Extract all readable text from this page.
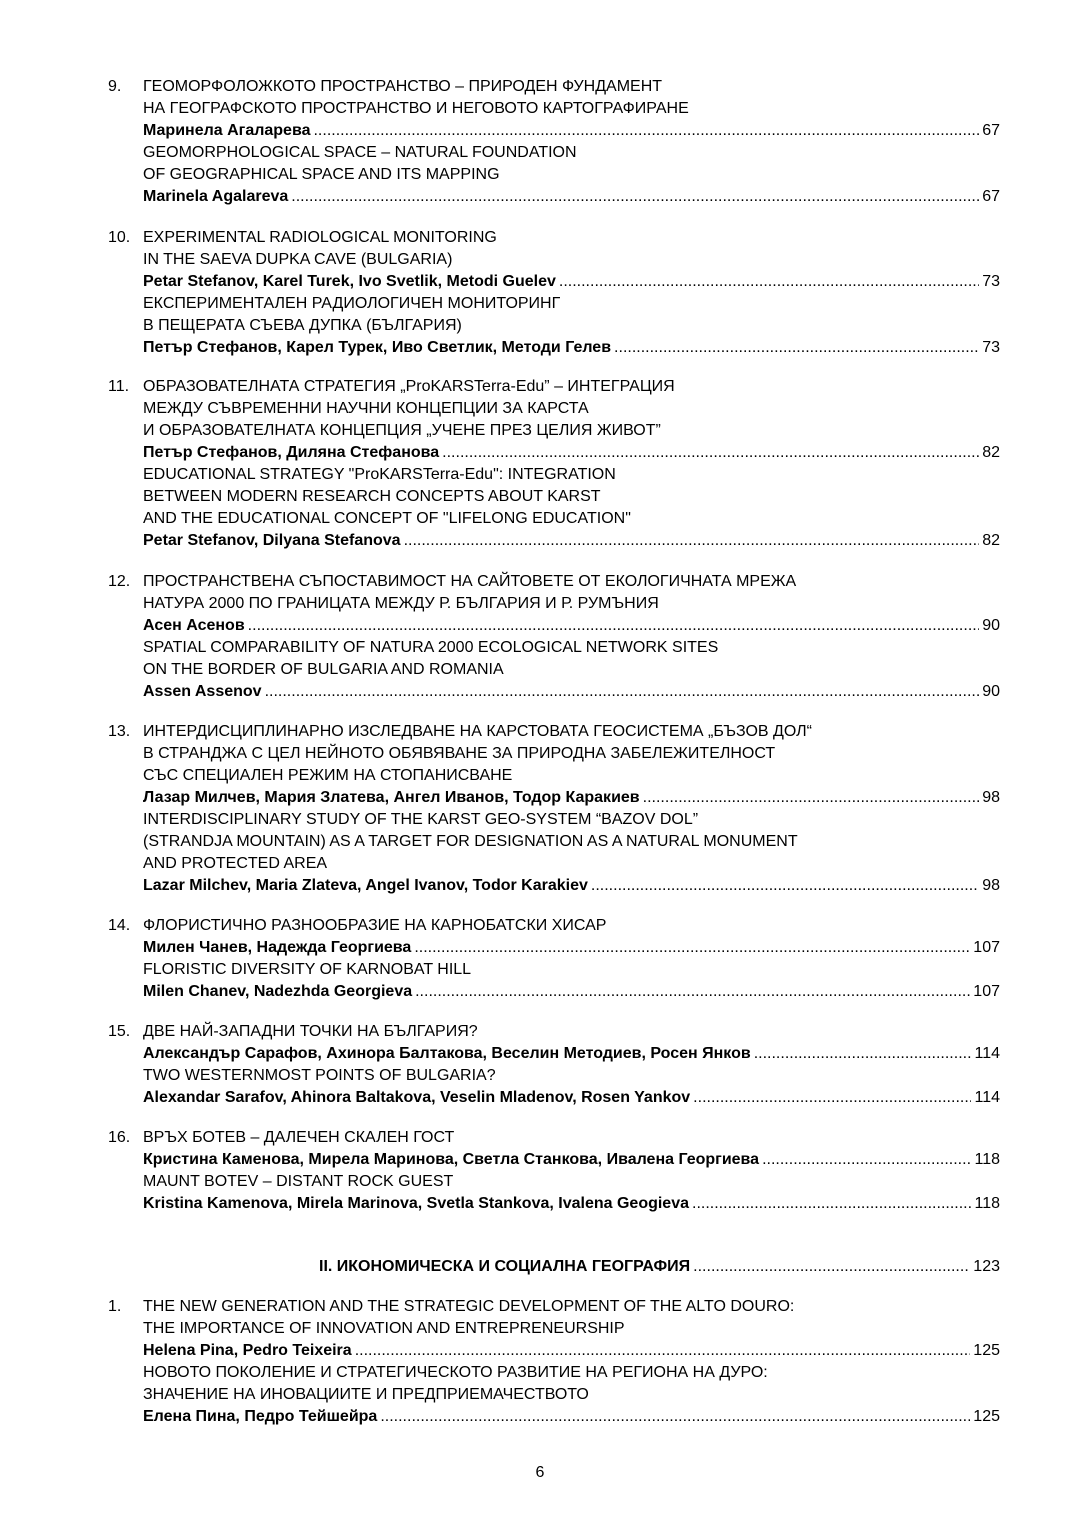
9. ГЕОМОРФОЛОЖКОТО ПРОСТРАНСТВО – ПРИРОДЕН ФУНДАМЕНТ
НА ГЕОГРАФСКОТО ПРОСТРАНСТВО И НЕГОВОТО КАРТОГРАФИРАНЕ
Маринела Агаларева .....	67
GEOMORPHOLOGICAL SPACE – NATURAL FOUNDATION
OF GEOGRAPHICAL SPACE AND ITS MAPPING
Marinela Agalareva .....	67
10. EXPERIMENTAL RADIOLOGICAL MONITORING
IN THE SAEVA DUPKA CAVE (BULGARIA)
Petar Stefanov, Karel Turek, Ivo Svetlik, Metodi Guelev .....	73
ЕКСПЕРИМЕНТАЛЕН РАДИОЛОГИЧЕН МОНИТОРИНГ
В ПЕЩЕРАТА СЪЕВА ДУПКА (БЪЛГАРИЯ)
Петър Стефанов, Карел Турек, Иво Светлик, Методи Гелев .....	73
11. ОБРАЗОВАТЕЛНАТА СТРАТЕГИЯ „ProKARSTerra-Edu” – ИНТЕГРАЦИЯ
МЕЖДУ СЪВРЕМЕННИ НАУЧНИ КОНЦЕПЦИИ ЗА КАРСТА
И ОБРАЗОВАТЕЛНАТА КОНЦЕПЦИЯ „УЧЕНЕ ПРЕЗ ЦЕЛИЯ ЖИВОТ”
Петър Стефанов, Диляна Стефанова .....	82
EDUCATIONAL STRATEGY "ProKARSTerra-Edu": INTEGRATION
BETWEEN MODERN RESEARCH CONCEPTS ABOUT KARST
AND THE EDUCATIONAL CONCEPT OF "LIFELONG EDUCATION"
Petar Stefanov, Dilyana Stefanova .....	82
12. ПРОСТРАНСТВЕНА СЪПОСТАВИМОСТ НА САЙТОВЕТЕ ОТ ЕКОЛОГИЧНАТА МРЕЖА
НАТУРА 2000 ПО ГРАНИЦАТА МЕЖДУ Р. БЪЛГАРИЯ И Р. РУМЪНИЯ
Асен Асенов .....	90
SPATIAL COMPARABILITY OF NATURA 2000 ECOLOGICAL NETWORK SITES
ON THE BORDER OF BULGARIA AND ROMANIA
Assen Assenov .....	90
13. ИНТЕРДИСЦИПЛИНАРНО ИЗСЛЕДВАНЕ НА КАРСТОВАТА ГЕОСИСТЕМА „БЪЗОВ ДОЛ“
В СТРАНДЖА С ЦЕЛ НЕЙНОТО ОБЯВЯВАНЕ ЗА ПРИРОДНА ЗАБЕЛЕЖИТЕЛНОСТ
СЪС СПЕЦИАЛЕН РЕЖИМ НА СТОПАНИСВАНЕ
Лазар Милчев, Мария Златева, Ангел Иванов, Тодор Каракиев .....	98
INTERDISCIPLINARY STUDY OF THE KARST GEO-SYSTEM “BAZOV DOL”
(STRANDJA MOUNTAIN) AS A TARGET FOR DESIGNATION AS A NATURAL MONUMENT
AND PROTECTED AREA
Lazar Milchev, Maria Zlateva, Angel Ivanov, Todor Karakiev .....	98
14. ФЛОРИСТИЧНО РАЗНООБРАЗИЕ НА КАРНОБАТСКИ ХИСАР
Милен Чанев, Надежда Георгиева .....	107
FLORISTIC DIVERSITY OF KARNOBAT HILL
Milen Chanev, Nadezhda Georgieva .....	107
15. ДВЕ НАЙ-ЗАПАДНИ ТОЧКИ НА БЪЛГАРИЯ?
Александър Сарафов, Ахинора Балтакова, Веселин Методиев, Росен Янков .....	114
TWO WESTERNMOST POINTS OF BULGARIA?
Alexandar Sarafov, Ahinora Baltakova, Veselin Mladenov, Rosen Yankov .....	114
16. ВРЪХ БОТЕВ – ДАЛЕЧЕН СКАЛЕН ГОСТ
Кристина Каменова, Мирела Маринова, Светла Станкова, Ивалена Георгиева .....	118
MAUNT BOTEV – DISTANT ROCK GUEST
Kristina Kamenova, Mirela Marinova, Svetla Stankova, Ivalena Geogieva .....	118
II. ИКОНОМИЧЕСКА И СОЦИАЛНА ГЕОГРАФИЯ .....	123
1. THE NEW GENERATION AND THE STRATEGIC DEVELOPMENT OF THE ALTO DOURO:
THE IMPORTANCE OF INNOVATION AND ENTREPRENEURSHIP
Helena Pina, Pedro Teixeira .....	125
НОВОТО ПОКОЛЕНИЕ И СТРАТЕГИЧЕСКОТО РАЗВИТИЕ НА РЕГИОНА НА ДУРО:
ЗНАЧЕНИЕ НА ИНОВАЦИИТЕ И ПРЕДПРИЕМАЧЕСТВОТО
Елена Пина, Педро Тейшейра .....	125
6
